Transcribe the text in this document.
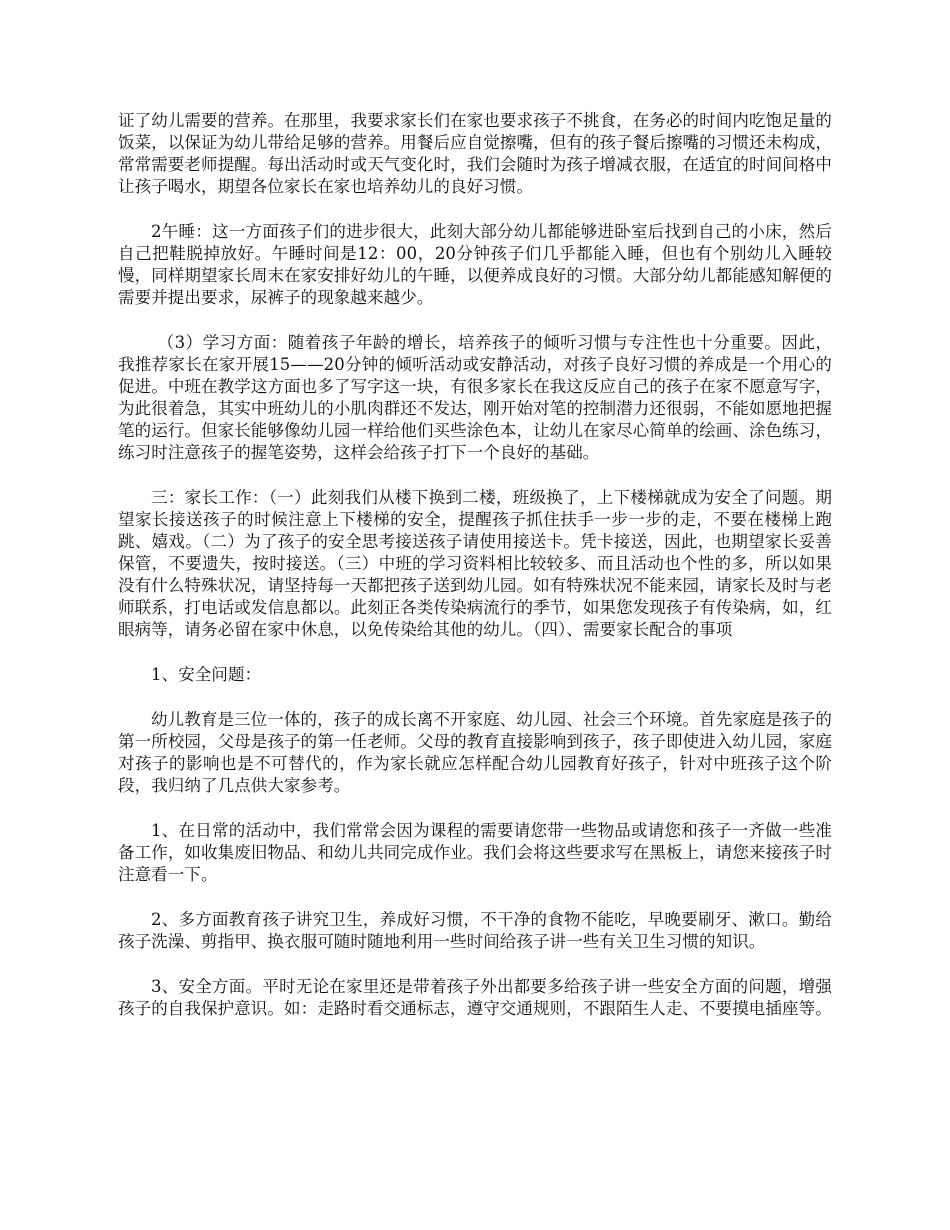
证了幼儿需要的营养。在那里，我要求家长们在家也要求孩子不挑食，在务必的时间内吃饱足量的饭菜，以保证为幼儿带给足够的营养。用餐后应自觉擦嘴，但有的孩子餐后擦嘴的习惯还未构成，常常需要老师提醒。每出活动时或天气变化时，我们会随时为孩子增减衣服，在适宜的时间间格中让孩子喝水，期望各位家长在家也培养幼儿的良好习惯。

2午睡：这一方面孩子们的进步很大，此刻大部分幼儿都能够进卧室后找到自己的小床，然后自己把鞋脱掉放好。午睡时间是12：00，20分钟孩子们几乎都能入睡，但也有个别幼儿入睡较慢，同样期望家长周末在家安排好幼儿的午睡，以便养成良好的习惯。大部分幼儿都能感知解便的需要并提出要求，尿裤子的现象越来越少。

（3）学习方面：随着孩子年龄的增长，培养孩子的倾听习惯与专注性也十分重要。因此，我推荐家长在家开展15——20分钟的倾听活动或安静活动，对孩子良好习惯的养成是一个用心的促进。中班在教学这方面也多了写字这一块，有很多家长在我这反应自己的孩子在家不愿意写字，为此很着急，其实中班幼儿的小肌肉群还不发达，刚开始对笔的控制潜力还很弱，不能如愿地把握笔的运行。但家长能够像幼儿园一样给他们买些涂色本，让幼儿在家尽心简单的绘画、涂色练习，练习时注意孩子的握笔姿势，这样会给孩子打下一个良好的基础。

三：家长工作：（一）此刻我们从楼下换到二楼，班级换了，上下楼梯就成为安全了问题。期望家长接送孩子的时候注意上下楼梯的安全，提醒孩子抓住扶手一步一步的走，不要在楼梯上跑跳、嬉戏。（二）为了孩子的安全思考接送孩子请使用接送卡。凭卡接送，因此，也期望家长妥善保管，不要遗失，按时接送。（三）中班的学习资料相比较较多、而且活动也个性的多，所以如果没有什么特殊状况，请坚持每一天都把孩子送到幼儿园。如有特殊状况不能来园，请家长及时与老师联系，打电话或发信息都以。此刻正各类传染病流行的季节，如果您发现孩子有传染病，如，红眼病等，请务必留在家中休息，以免传染给其他的幼儿。（四）、需要家长配合的事项

1、安全问题：

幼儿教育是三位一体的，孩子的成长离不开家庭、幼儿园、社会三个环境。首先家庭是孩子的第一所校园，父母是孩子的第一任老师。父母的教育直接影响到孩子，孩子即使进入幼儿园，家庭对孩子的影响也是不可替代的，作为家长就应怎样配合幼儿园教育好孩子，针对中班孩子这个阶段，我归纳了几点供大家参考。

1、在日常的活动中，我们常常会因为课程的需要请您带一些物品或请您和孩子一齐做一些准备工作，如收集废旧物品、和幼儿共同完成作业。我们会将这些要求写在黑板上，请您来接孩子时注意看一下。

2、多方面教育孩子讲究卫生，养成好习惯，不干净的食物不能吃，早晚要刷牙、漱口。勤给孩子洗澡、剪指甲、换衣服可随时随地利用一些时间给孩子讲一些有关卫生习惯的知识。

3、安全方面。平时无论在家里还是带着孩子外出都要多给孩子讲一些安全方面的问题，增强孩子的自我保护意识。如：走路时看交通标志，遵守交通规则，不跟陌生人走、不要摸电插座等。
